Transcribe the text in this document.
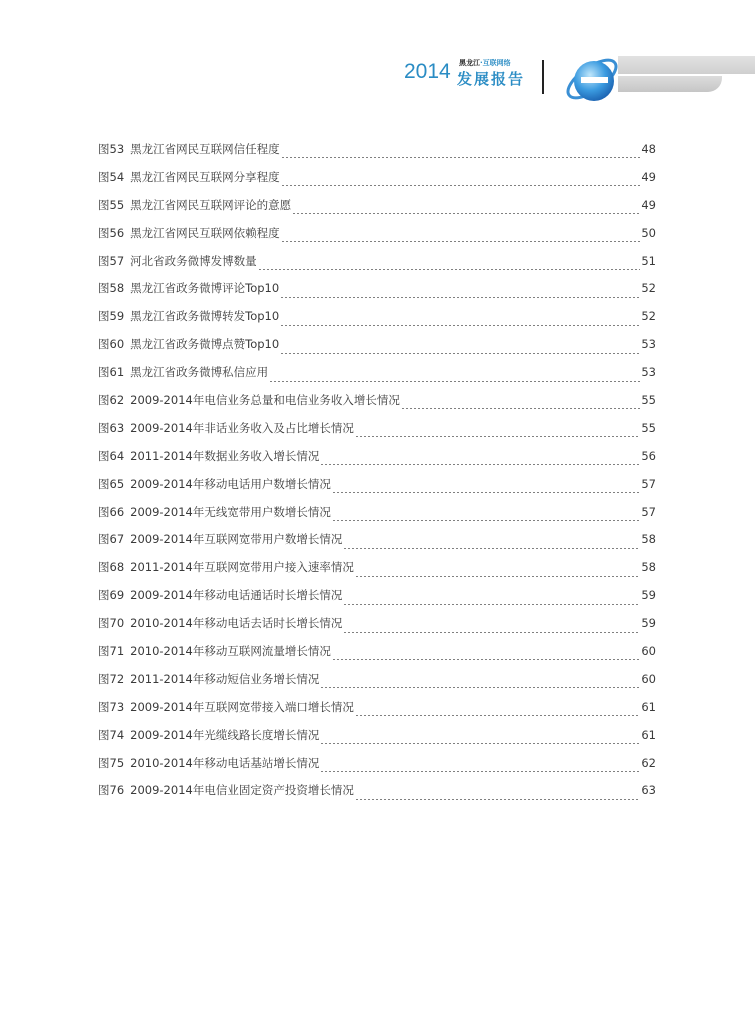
2014 黑龙江·互联网络
发展报告
图53 黑龙江省网民互联网信任程度	48
图54 黑龙江省网民互联网分享程度	49
图55 黑龙江省网民互联网评论的意愿	49
图56 黑龙江省网民互联网依赖程度	50
图57 河北省政务微博发博数量	51
图58 黑龙江省政务微博评论Top10	52
图59 黑龙江省政务微博转发Top10	52
图60 黑龙江省政务微博点赞Top10	53
图61 黑龙江省政务微博私信应用	53
图62 2009-2014年电信业务总量和电信业务收入增长情况	55
图63 2009-2014年非话业务收入及占比增长情况	55
图64 2011-2014年数据业务收入增长情况	56
图65 2009-2014年移动电话用户数增长情况	57
图66 2009-2014年无线宽带用户数增长情况	57
图67 2009-2014年互联网宽带用户数增长情况	58
图68 2011-2014年互联网宽带用户接入速率情况	58
图69 2009-2014年移动电话通话时长增长情况	59
图70 2010-2014年移动电话去话时长增长情况	59
图71 2010-2014年移动互联网流量增长情况	60
图72 2011-2014年移动短信业务增长情况	60
图73 2009-2014年互联网宽带接入端口增长情况	61
图74 2009-2014年光缆线路长度增长情况	61
图75 2010-2014年移动电话基站增长情况	62
图76 2009-2014年电信业固定资产投资增长情况	63
